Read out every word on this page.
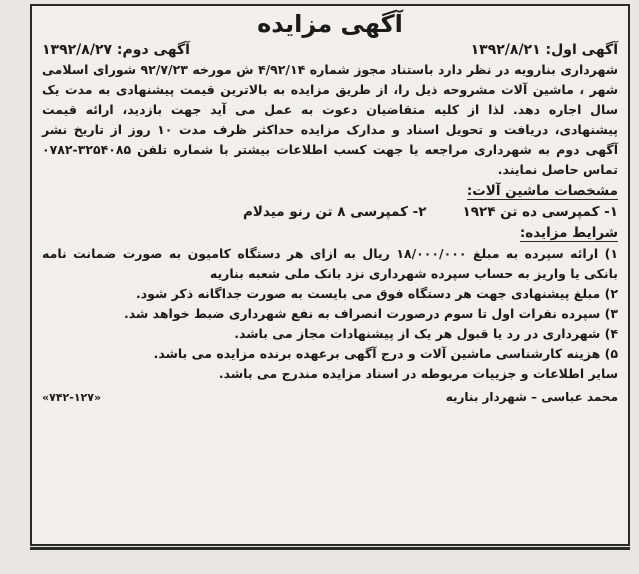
آگهی مزایده
آگهی اول: ۱۳۹۲/۸/۲۱
آگهی دوم: ۱۳۹۲/۸/۲۷

شهرداری بنارویه در نظر دارد باستناد مجوز شماره ۴/۹۲/۱۴ ش مورخه ۹۲/۷/۲۳ شورای اسلامی شهر ، ماشین آلات مشروحه ذیل را، از طریق مزایده به بالاترین قیمت پیشنهادی به مدت یک سال اجاره دهد. لذا از کلیه متقاضیان دعوت به عمل می آید جهت بازدید، ارائه قیمت پیشنهادی، دریافت و تحویل اسناد و مدارک مزایده حداکثر ظرف مدت ۱۰ روز از تاریخ نشر آگهی دوم به شهرداری مراجعه یا جهت کسب اطلاعات بیشتر با شماره تلفن ۳۲۵۴۰۸۵-۰۷۸۲ تماس حاصل نمایند.

مشخصات ماشین آلات:
۱- کمپرسی ده تن ۱۹۲۴
۲- کمپرسی ۸ تن رنو میدلام
شرایط مزایده:

۱) ارائه سپرده به مبلغ ۱۸/۰۰۰/۰۰۰ ریال به ازای هر دستگاه کامیون به صورت ضمانت نامه بانکی یا واریز به حساب سپرده شهرداری نزد بانک ملی شعبه بناریه

۲) مبلغ پیشنهادی جهت هر دستگاه فوق می بایست به صورت جداگانه ذکر شود.

۳) سپرده نفرات اول تا سوم درصورت انصراف به نفع شهرداری ضبط خواهد شد.

۴) شهرداری در رد یا قبول هر یک از پیشنهادات مجاز می باشد.

۵) هزینه کارشناسی ماشین آلات و درج آگهی برعهده برنده مزایده می باشد.

سایر اطلاعات و جزییات مربوطه در اسناد مزایده مندرج می باشد.

محمد عباسی – شهردار بناریه
«۷۴۲-۱۲۷»
